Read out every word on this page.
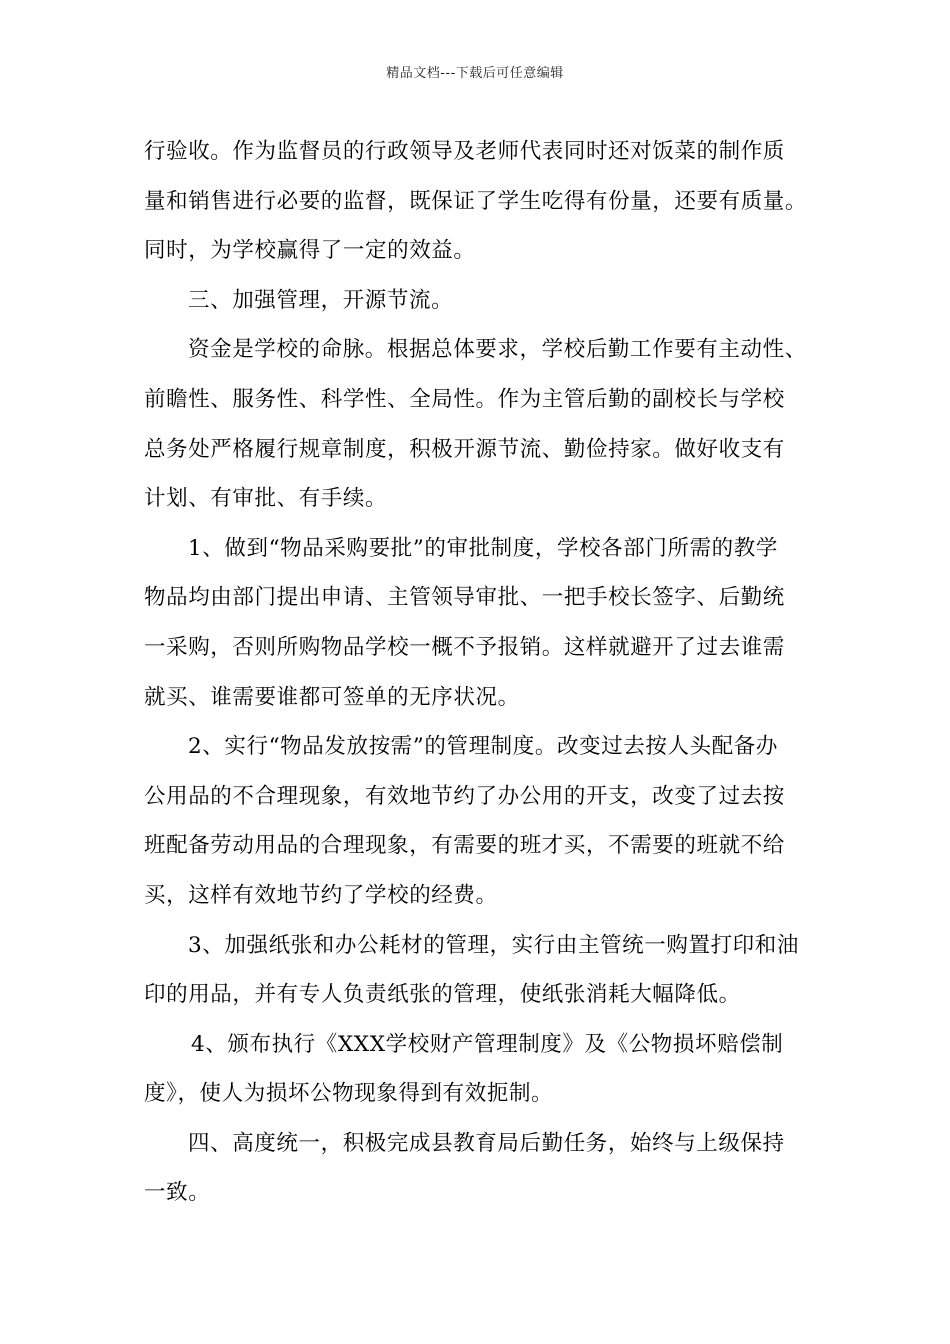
精品文档---下载后可任意编辑
行验收。作为监督员的行政领导及老师代表同时还对饭菜的制作质
量和销售进行必要的监督，既保证了学生吃得有份量，还要有质量。
同时，为学校赢得了一定的效益。
三、加强管理，开源节流。
资金是学校的命脉。根据总体要求，学校后勤工作要有主动性、
前瞻性、服务性、科学性、全局性。作为主管后勤的副校长与学校
总务处严格履行规章制度，积极开源节流、勤俭持家。做好收支有
计划、有审批、有手续。
1、做到“物品采购要批”的审批制度，学校各部门所需的教学
物品均由部门提出申请、主管领导审批、一把手校长签字、后勤统
一采购，否则所购物品学校一概不予报销。这样就避开了过去谁需
就买、谁需要谁都可签单的无序状况。
2、实行“物品发放按需”的管理制度。改变过去按人头配备办
公用品的不合理现象，有效地节约了办公用的开支，改变了过去按
班配备劳动用品的合理现象，有需要的班才买，不需要的班就不给
买，这样有效地节约了学校的经费。
3、加强纸张和办公耗材的管理，实行由主管统一购置打印和油
印的用品，并有专人负责纸张的管理，使纸张消耗大幅降低。
4、颁布执行《XXX学校财产管理制度》及《公物损坏赔偿制
度》，使人为损坏公物现象得到有效扼制。
四、高度统一，积极完成县教育局后勤任务，始终与上级保持
一致。
